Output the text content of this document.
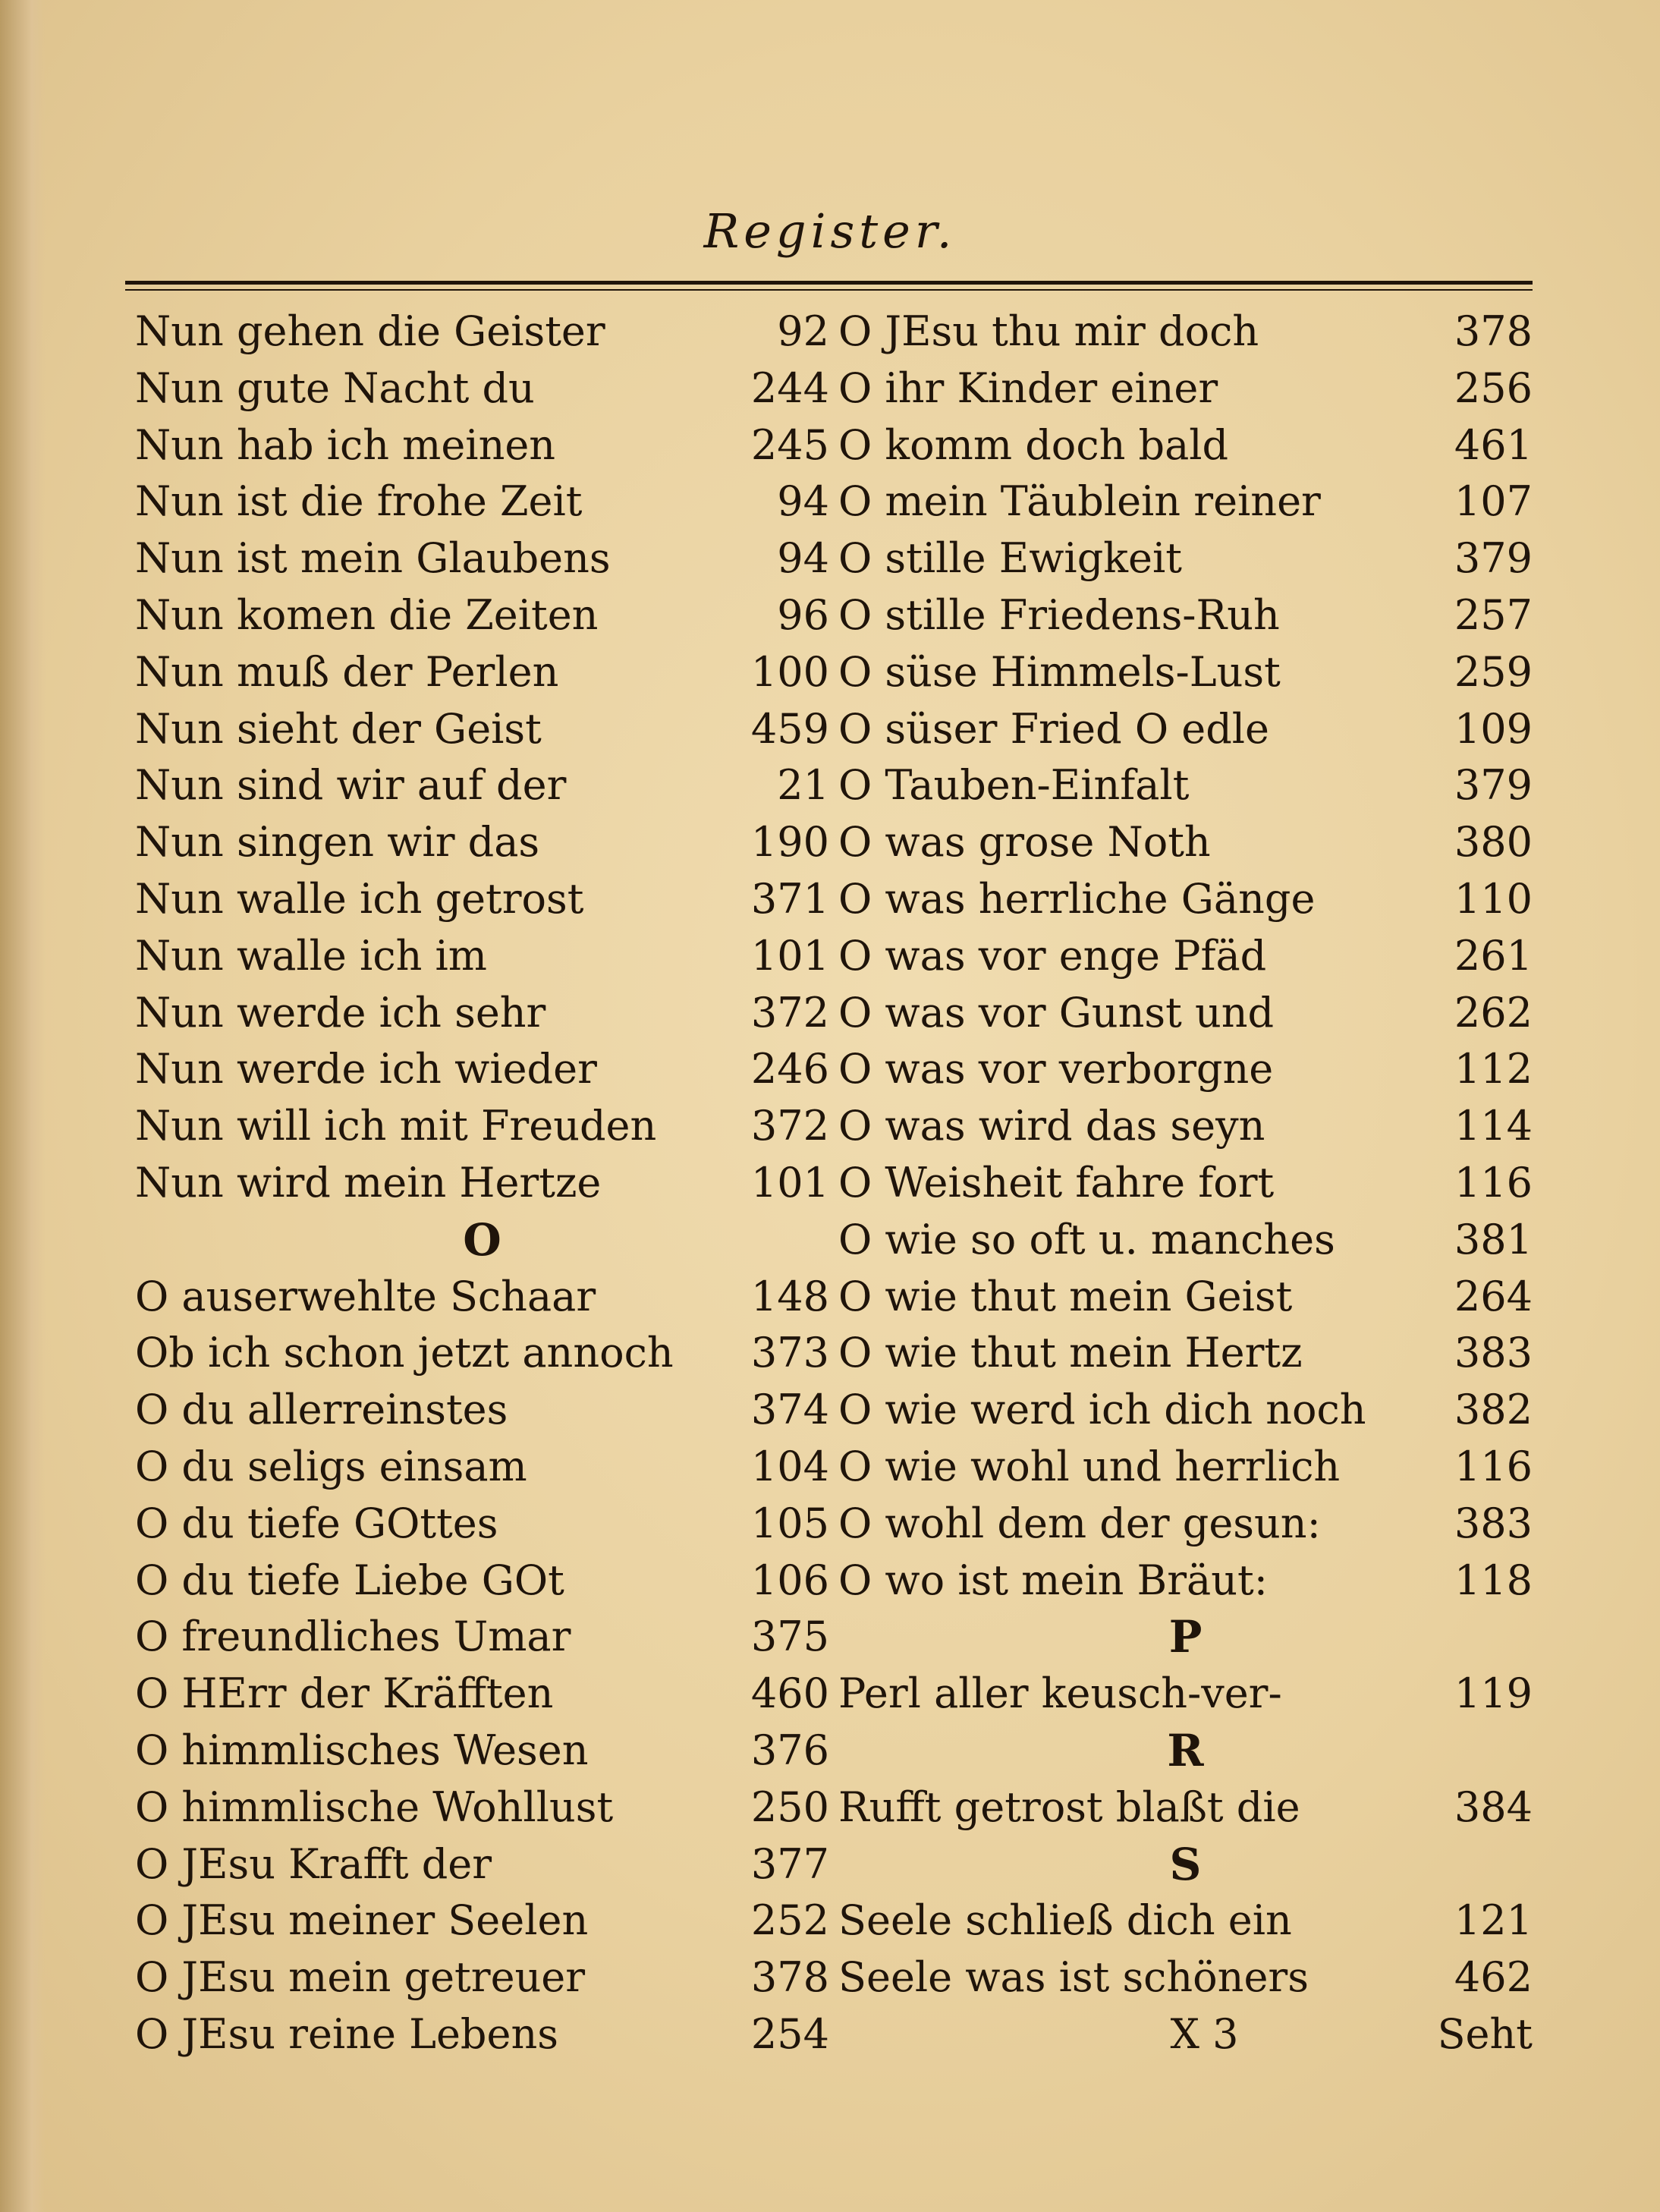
Register.
Nun gehen die Geister	92
Nun gute Nacht du	244
Nun hab ich meinen	245
Nun ist die frohe Zeit	94
Nun ist mein Glaubens	94
Nun komen die Zeiten	96
Nun muß der Perlen	100
Nun sieht der Geist	459
Nun sind wir auf der	21
Nun singen wir das	190
Nun walle ich getrost	371
Nun walle ich im	101
Nun werde ich sehr	372
Nun werde ich wieder	246
Nun will ich mit Freuden	372
Nun wird mein Hertze	101
O
O auserwehlte Schaar	148
Ob ich schon jetzt annoch	373
O du allerreinstes	374
O du seligs einsam	104
O du tiefe GOttes	105
O du tiefe Liebe GOt	106
O freundliches Umar	375
O HErr der Kräfften	460
O himmlisches Wesen	376
O himmlische Wohllust	250
O JEsu Krafft der	377
O JEsu meiner Seelen	252
O JEsu mein getreuer	378
O JEsu reine Lebens	254
O JEsu thu mir doch	378
O ihr Kinder einer	256
O komm doch bald	461
O mein Täublein reiner	107
O stille Ewigkeit	379
O stille Friedens-Ruh	257
O süse Himmels-Lust	259
O süser Fried O edle	109
O Tauben-Einfalt	379
O was grose Noth	380
O was herrliche Gänge	110
O was vor enge Pfäd	261
O was vor Gunst und	262
O was vor verborgne	112
O was wird das seyn	114
O Weisheit fahre fort	116
O wie so oft u. manches	381
O wie thut mein Geist	264
O wie thut mein Hertz	383
O wie werd ich dich noch	382
O wie wohl und herrlich	116
O wohl dem der gesun:	383
O wo ist mein Bräut:	118
P
Perl aller keusch-ver-	119
R
Rufft getrost blaßt die	384
S
Seele schließ dich ein	121
Seele was ist schöners	462
X 3	Seht
